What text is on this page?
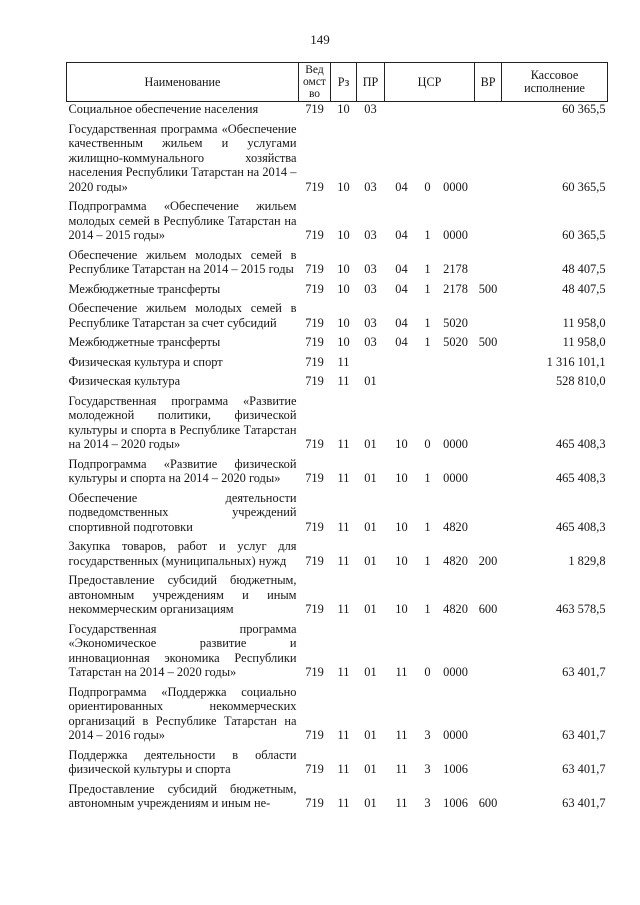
149
Наименование	Ведомство	Рз	ПР	ЦСР			ВР	Кассовое исполнение
Социальное обеспечение населения	719	10	03					60 365,5
Государственная программа «Обеспечение качественным жильем и услугами жилищно-коммунального хозяйства населения Республики Татарстан на 2014 – 2020 годы»	719	10	03	04	0	0000		60 365,5
Подпрограмма «Обеспечение жильем молодых семей в Республике Татарстан на 2014 – 2015 годы»	719	10	03	04	1	0000		60 365,5
Обеспечение жильем молодых семей в Республике Татарстан на 2014 – 2015 годы	719	10	03	04	1	2178		48 407,5
Межбюджетные трансферты	719	10	03	04	1	2178	500	48 407,5
Обеспечение жильем молодых семей в Республике Татарстан за счет субсидий	719	10	03	04	1	5020		11 958,0
Межбюджетные трансферты	719	10	03	04	1	5020	500	11 958,0
Физическая культура и спорт	719	11						1 316 101,1
Физическая культура	719	11	01					528 810,0
Государственная программа «Развитие молодежной политики, физической культуры и спорта в Республике Татарстан на 2014 – 2020 годы»	719	11	01	10	0	0000		465 408,3
Подпрограмма «Развитие физической культуры и спорта на 2014 – 2020 годы»	719	11	01	10	1	0000		465 408,3
Обеспечение деятельности подведомственных учреждений спортивной подготовки	719	11	01	10	1	4820		465 408,3
Закупка товаров, работ и услуг для государственных (муниципальных) нужд	719	11	01	10	1	4820	200	1 829,8
Предоставление субсидий бюджетным, автономным учреждениям и иным некоммерческим организациям	719	11	01	10	1	4820	600	463 578,5
Государственная программа «Экономическое развитие и инновационная экономика Республики Татарстан на 2014 – 2020 годы»	719	11	01	11	0	0000		63 401,7
Подпрограмма «Поддержка социально ориентированных некоммерческих организаций в Республике Татарстан на 2014 – 2016 годы»	719	11	01	11	3	0000		63 401,7
Поддержка деятельности в области физической культуры и спорта	719	11	01	11	3	1006		63 401,7
Предоставление субсидий бюджетным, автономным учреждениям и иным не-	719	11	01	11	3	1006	600	63 401,7
